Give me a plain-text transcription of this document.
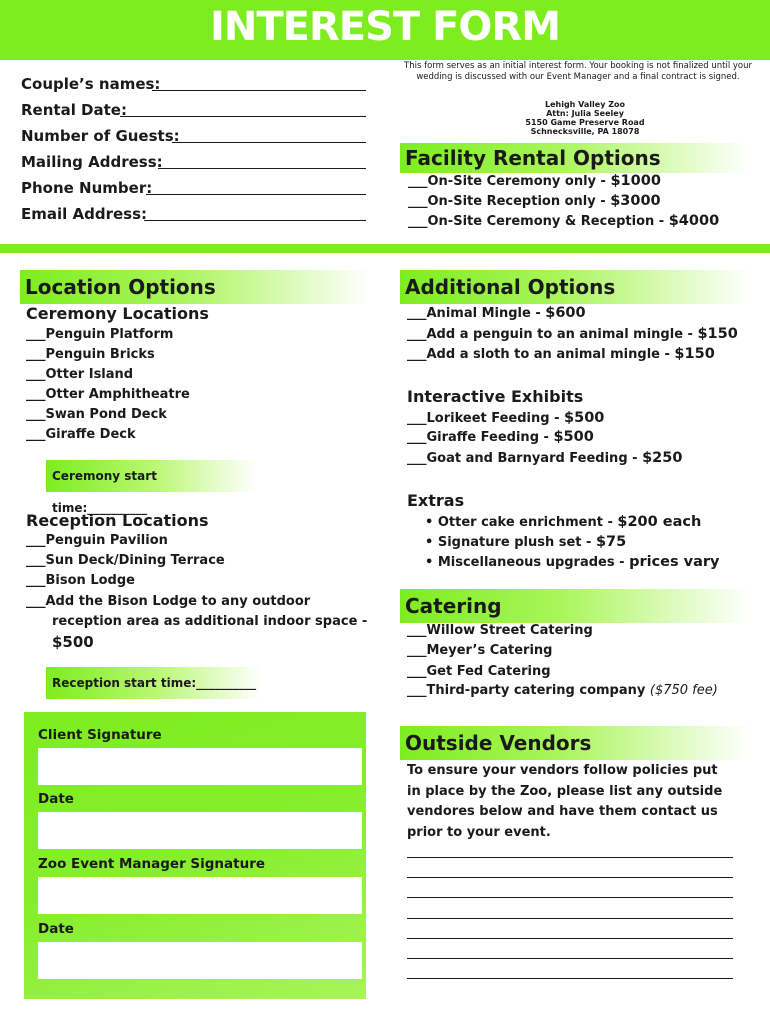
INTEREST FORM
Couple’s names:
Rental Date:
Number of Guests:
Mailing Address:
Phone Number:
Email Address:
This form serves as an initial interest form. Your booking is not finalized until your wedding is discussed with our Event Manager and a final contract is signed.
Lehigh Valley Zoo
Attn: Julia Seeley
5150 Game Preserve Road
Schnecksville, PA 18078
Facility Rental Options
___On-Site Ceremony only - $1000
___On-Site Reception only - $3000
___On-Site Ceremony & Reception - $4000
Location Options
Ceremony Locations
___Penguin Platform
___Penguin Bricks
___Otter Island
___Otter Amphitheatre
___Swan Pond Deck
___Giraffe Deck
Ceremony start time:__________
Reception Locations
___Penguin Pavilion
___Sun Deck/Dining Terrace
___Bison Lodge
___Add the Bison Lodge to any outdoor
reception area as additional indoor space -
$500
Reception start time:__________
Client Signature
Date
Zoo Event Manager Signature
Date
Additional Options
___Animal Mingle - $600
___Add a penguin to an animal mingle - $150
___Add a sloth to an animal mingle - $150
Interactive Exhibits
___Lorikeet Feeding - $500
___Giraffe Feeding - $500
___Goat and Barnyard Feeding - $250
Extras
• Otter cake enrichment - $200 each
• Signature plush set - $75
• Miscellaneous upgrades - prices vary
Catering
___Willow Street Catering
___Meyer’s Catering
___Get Fed Catering
___Third-party catering company ($750 fee)
Outside Vendors
To ensure your vendors follow policies put in place by the Zoo, please list any outside vendores below and have them contact us prior to your event.
